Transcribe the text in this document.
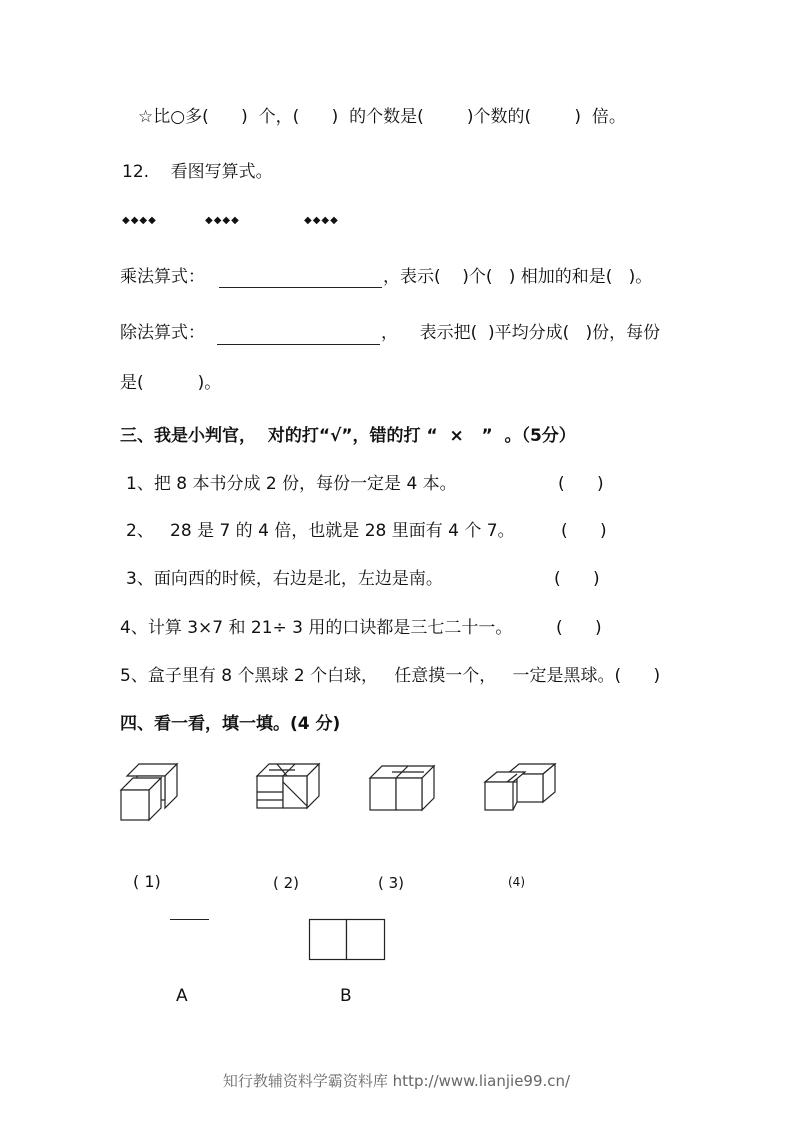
☆比○多(      )  个，(      )  的个数是(        )个数的(        )  倍。
12.    看图写算式。
◆◆◆◆	◆◆◆◆	◆◆◆◆
乘法算式：	，表示(    )个(   ) 相加的和是(   )。
除法算式：	，    表示把(  )平均分成(   )份，每份
是(          )。
三、我是小判官，  对的打“√”，错的打 “  ×   ”  。（5分）
1、把 8 本书分成 2 份，每份一定是 4 本。	(      )
2、   28 是 7 的 4 倍，也就是 28 里面有 4 个 7。	(      )
3、面向西的时候，右边是北，左边是南。	(      )
4、计算 3×7 和 21÷ 3 用的口诀都是三七二十一。	(      )
5、盒子里有 8 个黑球 2 个白球，   任意摸一个，   一定是黑球。(      )
四、看一看，填一填。(4 分)
( 1)	( 2)	( 3)	(4)
A	B
知行教辅资料学霸资料库 http://www.lianjie99.cn/
